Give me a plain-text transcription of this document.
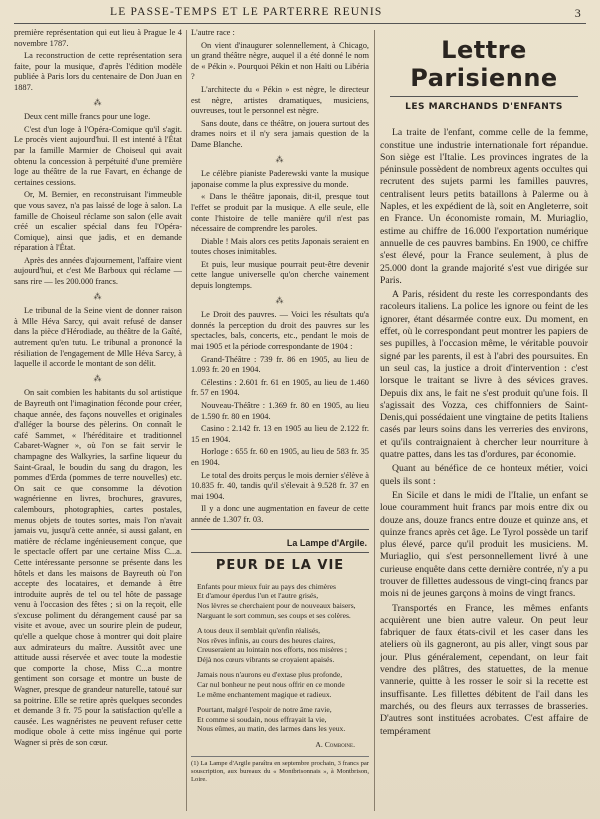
LE PASSE-TEMPS ET LE PARTERRE REUNIS	3

première représentation qui eut lieu à Prague le 4 novembre 1787.

La reconstruction de cette représentation sera faite, pour la musique, d'après l'édition modèle publiée à Paris lors du centenaire de Don Juan en 1887.

⁂

Deux cent mille francs pour une loge.

C'est d'un loge à l'Opéra-Comique qu'il s'agit. Le procès vient aujourd'hui. Il est intenté à l'État par la famille Marmier de Choiseul qui avait obtenu la concession à perpétuité d'une première loge au théâtre de la rue Favart, en échange de certaines cessions.

Or, M. Bernier, en reconstruisant l'immeuble que vous savez, n'a pas laissé de loge à salon. La famille de Choiseul réclame son salon (elle avait créé un escalier spécial dans feu l'Opéra-Comique), ainsi que jadis, et en demande réparation à l'État.

Après des années d'ajournement, l'affaire vient aujourd'hui, et c'est Me Barboux qui réclame — sans rire — les 200.000 francs.

⁂

Le tribunal de la Seine vient de donner raison à Mlle Héva Sarcy, qui avait refusé de danser dans la pièce d'Hérodiade, au théâtre de la Gaîté, autrement qu'en tutu. Le tribunal a prononcé la résiliation de l'engagement de Mlle Héva Sarcy, à laquelle il accorde le montant de son délit.

⁂

On sait combien les habitants du sol artistique de Bayreuth ont l'imagination féconde pour créer, chaque année, des façons nouvelles et originales d'alléger la bourse des pèlerins. On connaît le café Sammet, « l'héréditaire et traditionnel Cabaret-Wagner », où l'on se fait servir le champagne des Walkyries, la sarfine liqueur du Saint-Graal, le boudin du sang du dragon, les pommes d'Erda (pommes de terre nouvelles) etc. On sait ce que consomme la dévotion wagnérienne en livres, brochures, gravures, calembours, photographies, cartes postales, menus objets de toutes sortes, mais l'on n'avait jamais vu, jusqu'à cette année, si aussi galant, en matière de réclame ingénieusement conçue, que le spectacle offert par une certaine Miss C...a. Cette intéressante personne se présente dans les hôtels et dans les maisons de Bayreuth où l'on accepte des locataires, et demande à être introduite auprès de tel ou tel hôte de passage venu à l'occasion des fêtes ; si on la reçoit, elle s'excuse poliment du dérangement causé par sa visite et avoue, avec un sourire plein de pudeur, qu'elle a quelque chose à montrer qui doit plaire aux admirateurs du maître. Aussitôt avec une attitude aussi réservée et avec toute la modestie que comporte la chose, Miss C...a montre gentiment son corsage et montre un buste de Wagner, presque de grandeur naturelle, tatoué sur sa poitrine. Elle se retire après quelques secondes et demande 3 fr. 75 pour la satisfaction qu'elle a causée. Les wagnéristes ne peuvent refuser cette modique obole à cette miss ingénue qui porte Wagner si près de son cœur.

L'autre race :

On vient d'inaugurer solennellement, à Chicago, un grand théâtre nègre, auquel il a été donné le nom de « Pékin ». Pourquoi Pékin et non Haïti ou Libéria ?

L'architecte du « Pékin » est nègre, le directeur est nègre, artistes dramatiques, musiciens, ouvreuses, tout le personnel est nègre.

Sans doute, dans ce théâtre, on jouera surtout des drames noirs et il n'y sera jamais question de la Dame Blanche.

⁂

Le célèbre pianiste Paderewski vante la musique japonaise comme la plus expressive du monde.

« Dans le théâtre japonais, dit-il, presque tout l'effet se produit par la musique. A elle seule, elle conte l'histoire de telle manière qu'il n'est pas nécessaire de comprendre les paroles.

Diable ! Mais alors ces petits Japonais seraient en toutes choses inimitables.

Et puis, leur musique pourrait peut-être devenir cette langue universelle qu'on cherche vainement depuis longtemps.

⁂

Le Droit des pauvres. — Voici les résultats qu'a donnés la perception du droit des pauvres sur les spectacles, bals, concerts, etc., pendant le mois de mai 1905 et la période correspondante de 1904 :

Grand-Théâtre : 739 fr. 86 en 1905, au lieu de 1.093 fr. 20 en 1904.

Célestins : 2.601 fr. 61 en 1905, au lieu de 1.460 fr. 57 en 1904.

Nouveau-Théâtre : 1.369 fr. 80 en 1905, au lieu de 1.590 fr. 80 en 1904.

Casino : 2.142 fr. 13 en 1905 au lieu de 2.122 fr. 15 en 1904.

Horloge : 655 fr. 60 en 1905, au lieu de 583 fr. 35 en 1904.

Le total des droits perçus le mois dernier s'élève à 10.835 fr. 40, tandis qu'il s'élevait à 9.528 fr. 37 en mai 1904.

Il y a donc une augmentation en faveur de cette année de 1.307 fr. 03.

La Lampe d'Argile.
PEUR DE LA VIE
Enfants pour mieux fuir au pays des chimères
Et d'amour éperdus l'un et l'autre grisés,
Nos lèvres se cherchaient pour de nouveaux baisers,
Narguant le sort commun, ses coups et ses colères.
A tous deux il semblait qu'enfin réalisés,
Nos rêves infinis, au cours des heures claires,
Creuseraient au lointain nos efforts, nos misères ;
Déjà nos cœurs vibrants se croyaient apaisés.
Jamais nous n'aurons eu d'extase plus profonde,
Car nul bonheur ne peut nous offrir en ce monde
Le même enchantement magique et radieux.
Pourtant, malgré l'espoir de notre âme ravie,
Et comme si soudain, nous effrayait la vie,
Nous eûmes, au matin, des larmes dans les yeux.
A. Comboine.
(1) La Lampe d'Argile paraîtra en septembre prochain, 3 francs par souscription, aux bureaux du « Montbrisonnais », à Montbrison, Loire.
Lettre Parisienne
LES MARCHANDS D'ENFANTS

La traite de l'enfant, comme celle de la femme, constitue une industrie internationale fort répandue. Son siège est l'Italie. Les provinces ingrates de la péninsule possèdent de nombreux agents occultes qui recrutent des sujets parmi les familles pauvres, centralisent leurs petits bataillons à Palerme ou à Naples, et les expédient de là, soit en Angleterre, soit en France. Un économiste romain, M. Muriaglio, estime au chiffre de 16.000 l'exportation numérique annuelle de ces pauvres bambins. En 1900, ce chiffre s'est élevé, pour la France seulement, à plus de 25.000 dont la grande majorité s'est vue dirigée sur Paris.

A Paris, résident du reste les correspondants des racoleurs italiens. La police les ignore ou feint de les ignorer, étant désarmée contre eux. Du moment, en effet, où le correspondant peut montrer les papiers de ses pupilles, à l'occasion même, le véritable pouvoir signé par les parents, il est à l'abri des poursuites. En un seul cas, la justice a droit d'intervention : c'est lorsque le traitant se livre à des sévices graves. Depuis dix ans, le fait ne s'est produit qu'une fois. Il s'agissait des Vozza, ces chiffonniers de Saint-Denis,qui possédaient une vingtaine de petits Italiens casés par leurs soins dans les verreries des environs, et qu'ils contraignaient à chercher leur nourriture à quatre pattes, dans les tas d'ordures, par économie.

Quant au bénéfice de ce honteux métier, voici quels ils sont :

En Sicile et dans le midi de l'Italie, un enfant se loue couramment huit francs par mois entre dix ou douze ans, douze francs entre douze et quinze ans, et quinze francs après cet âge. Le Tyrol possède un tarif plus élevé, parce qu'il produit les musiciens. M. Muriaglio, qui s'est personnellement livré à une curieuse enquête dans cette dernière contrée, n'y a pu trouver de fillettes audessous de vingt-cinq francs par mois ni de jeunes garçons à moins de vingt francs.

Transportés en France, les mêmes enfants acquièrent une bien autre valeur. On peut leur fabriquer de faux états-civil et les caser dans les ateliers où ils gagneront, au pis aller, vingt sous par jour. Plus généralement, cependant, on leur fait vendre des plâtres, des statuettes, de la menue vannerie, quitte à les rosser le soir si la recette est insuffisante. Les fillettes débitent de l'ail dans les marchés, ou des fleurs aux terrasses de brasseries. D'autres sont instituées acrobates. C'est affaire de tempérament
